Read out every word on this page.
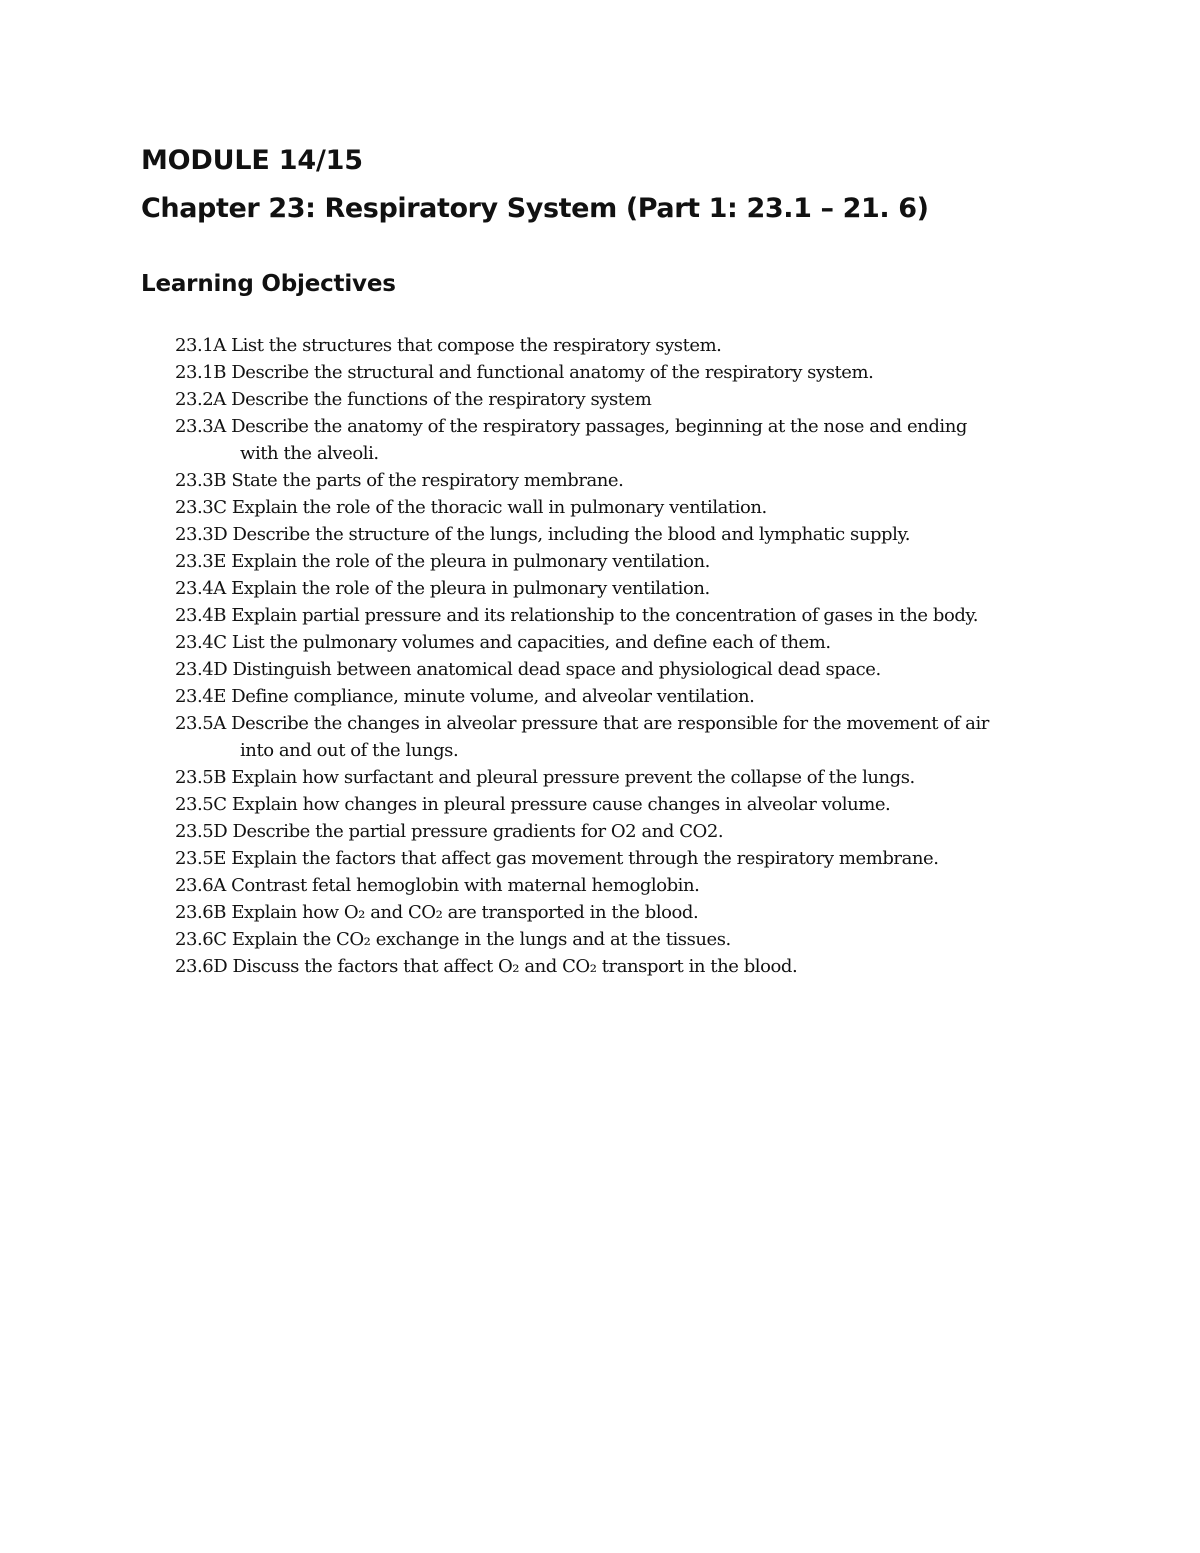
MODULE 14/15
Chapter 23: Respiratory System (Part 1: 23.1 – 21. 6)
Learning Objectives
23.1A List the structures that compose the respiratory system.
23.1B Describe the structural and functional anatomy of the respiratory system.
23.2A Describe the functions of the respiratory system
23.3A Describe the anatomy of the respiratory passages, beginning at the nose and ending
with the alveoli.
23.3B State the parts of the respiratory membrane.
23.3C Explain the role of the thoracic wall in pulmonary ventilation.
23.3D Describe the structure of the lungs, including the blood and lymphatic supply.
23.3E Explain the role of the pleura in pulmonary ventilation.
23.4A Explain the role of the pleura in pulmonary ventilation.
23.4B Explain partial pressure and its relationship to the concentration of gases in the body.
23.4C List the pulmonary volumes and capacities, and define each of them.
23.4D Distinguish between anatomical dead space and physiological dead space.
23.4E Define compliance, minute volume, and alveolar ventilation.
23.5A Describe the changes in alveolar pressure that are responsible for the movement of air
into and out of the lungs.
23.5B Explain how surfactant and pleural pressure prevent the collapse of the lungs.
23.5C Explain how changes in pleural pressure cause changes in alveolar volume.
23.5D Describe the partial pressure gradients for O2 and CO2.
23.5E Explain the factors that affect gas movement through the respiratory membrane.
23.6A Contrast fetal hemoglobin with maternal hemoglobin.
23.6B Explain how O₂ and CO₂ are transported in the blood.
23.6C Explain the CO₂ exchange in the lungs and at the tissues.
23.6D Discuss the factors that affect O₂ and CO₂ transport in the blood.
